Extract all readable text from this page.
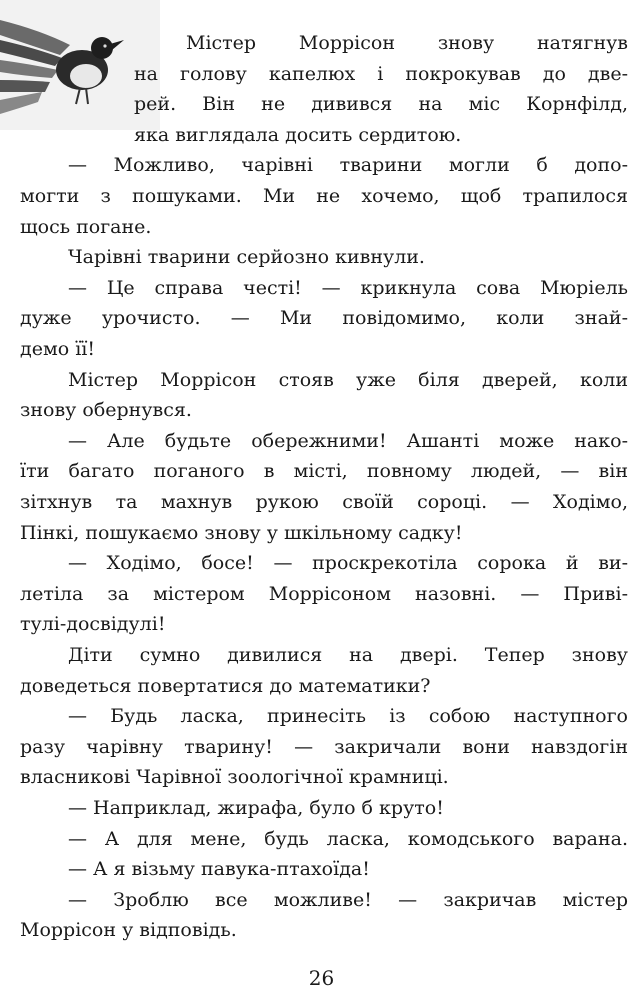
Містер Моррісон знову натягнув
на голову капелюх і покрокував до две-
рей. Він не дивився на міс Корнфілд,
яка виглядала досить сердитою.
— Можливо, чарівні тварини могли б допо-
могти з пошуками. Ми не хочемо, щоб трапилося
щось погане.
Чарівні тварини серйозно кивнули.
— Це справа честі! — крикнула сова Мюріель
дуже урочисто. — Ми повідомимо, коли знай-
демо її!
Містер Моррісон стояв уже біля дверей, коли
знову обернувся.
— Але будьте обережними! Ашанті може нако-
їти багато поганого в місті, повному людей, — він
зітхнув та махнув рукою своїй сороці. — Ходімо,
Пінкі, пошукаємо знову у шкільному садку!
— Ходімо, босе! — проскрекотіла сорока й ви-
летіла за містером Моррісоном назовні. — Приві-
тулі-досвідулі!
Діти сумно дивилися на двері. Тепер знову
доведеться повертатися до математики?
— Будь ласка, принесіть із собою наступного
разу чарівну тварину! — закричали вони навздогін
власникові Чарівної зоологічної крамниці.
— Наприклад, жирафа, було б круто!
— А для мене, будь ласка, комодського варана.
— А я візьму павука-птахоїда!
— Зроблю все можливе! — закричав містер
Моррісон у відповідь.
26
